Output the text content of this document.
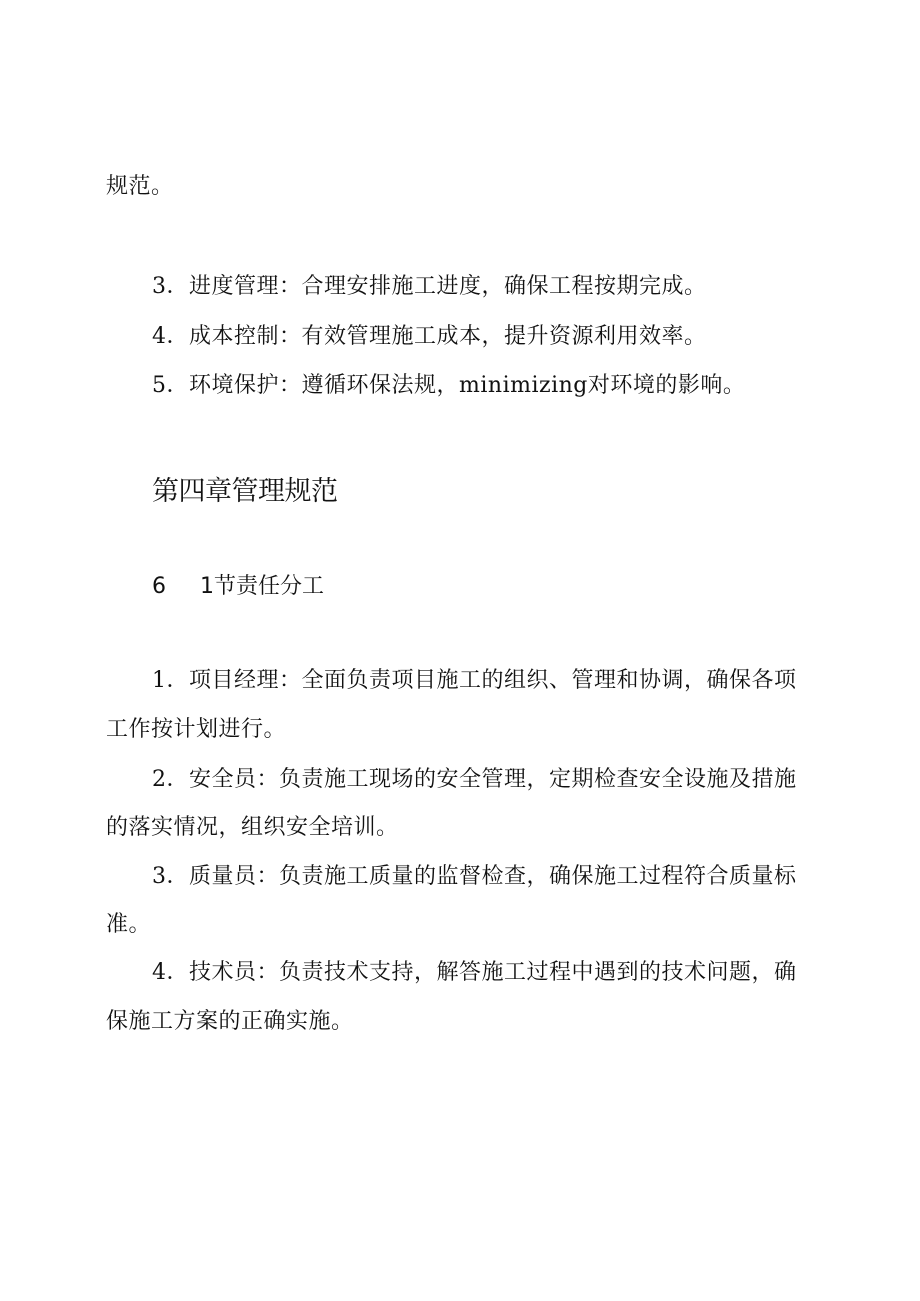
规范。
3．进度管理：合理安排施工进度，确保工程按期完成。
4．成本控制：有效管理施工成本，提升资源利用效率。
5．环境保护：遵循环保法规，minimizing对环境的影响。
第四章管理规范
6 1节责任分工
1．项目经理：全面负责项目施工的组织、管理和协调，确保各项
工作按计划进行。
2．安全员：负责施工现场的安全管理，定期检查安全设施及措施
的落实情况，组织安全培训。
3．质量员：负责施工质量的监督检查，确保施工过程符合质量标
准。
4．技术员：负责技术支持，解答施工过程中遇到的技术问题，确
保施工方案的正确实施。
